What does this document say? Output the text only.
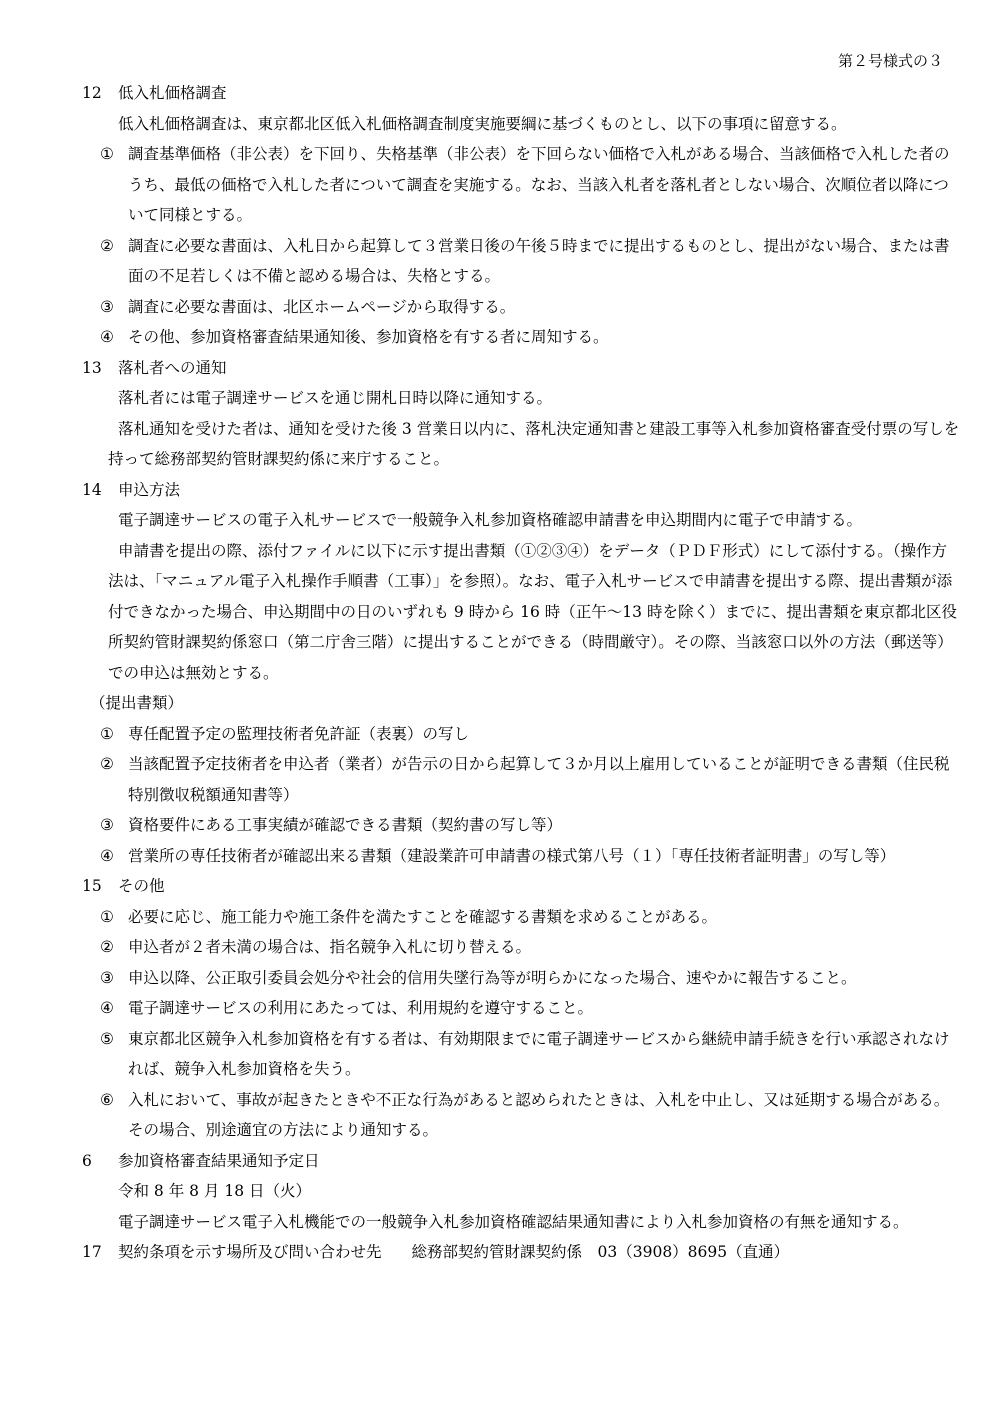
第２号様式の３
12	低入札価格調査

低入札価格調査は、東京都北区低入札価格調査制度実施要綱に基づくものとし、以下の事項に留意する。

① 調査基準価格（非公表）を下回り、失格基準（非公表）を下回らない価格で入札がある場合、当該価格で入札した者のうち、最低の価格で入札した者について調査を実施する。なお、当該入札者を落札者としない場合、次順位者以降について同様とする。
② 調査に必要な書面は、入札日から起算して３営業日後の午後５時までに提出するものとし、提出がない場合、または書面の不足若しくは不備と認める場合は、失格とする。
③ 調査に必要な書面は、北区ホームページから取得する。
④ その他、参加資格審査結果通知後、参加資格を有する者に周知する。
13	落札者への通知

落札者には電子調達サービスを通じ開札日時以降に通知する。

落札通知を受けた者は、通知を受けた後 3 営業日以内に、落札決定通知書と建設工事等入札参加資格審査受付票の写しを持って総務部契約管財課契約係に来庁すること。

14	申込方法

電子調達サービスの電子入札サービスで一般競争入札参加資格確認申請書を申込期間内に電子で申請する。

申請書を提出の際、添付ファイルに以下に示す提出書類（①②③④）をデータ（ＰＤＦ形式）にして添付する。（操作方法は、「マニュアル電子入札操作手順書（工事）」を参照）。なお、電子入札サービスで申請書を提出する際、提出書類が添付できなかった場合、申込期間中の日のいずれも 9 時から 16 時（正午〜13 時を除く）までに、提出書類を東京都北区役所契約管財課契約係窓口（第二庁舎三階）に提出することができる（時間厳守）。その際、当該窓口以外の方法（郵送等）での申込は無効とする。

（提出書類）
① 専任配置予定の監理技術者免許証（表裏）の写し
② 当該配置予定技術者を申込者（業者）が告示の日から起算して３か月以上雇用していることが証明できる書類（住民税特別徴収税額通知書等）
③ 資格要件にある工事実績が確認できる書類（契約書の写し等）
④ 営業所の専任技術者が確認出来る書類（建設業許可申請書の様式第八号（１）「専任技術者証明書」の写し等）
15	その他
① 必要に応じ、施工能力や施工条件を満たすことを確認する書類を求めることがある。
② 申込者が２者未満の場合は、指名競争入札に切り替える。
③ 申込以降、公正取引委員会処分や社会的信用失墜行為等が明らかになった場合、速やかに報告すること。
④ 電子調達サービスの利用にあたっては、利用規約を遵守すること。
⑤ 東京都北区競争入札参加資格を有する者は、有効期限までに電子調達サービスから継続申請手続きを行い承認されなければ、競争入札参加資格を失う。
⑥ 入札において、事故が起きたときや不正な行為があると認められたときは、入札を中止し、又は延期する場合がある。その場合、別途適宜の方法により通知する。
6	参加資格審査結果通知予定日

令和 8 年 8 月 18 日（火）

電子調達サービス電子入札機能での一般競争入札参加資格確認結果通知書により入札参加資格の有無を通知する。

17	契約条項を示す場所及び問い合わせ先 総務部契約管財課契約係　03（3908）8695（直通）
